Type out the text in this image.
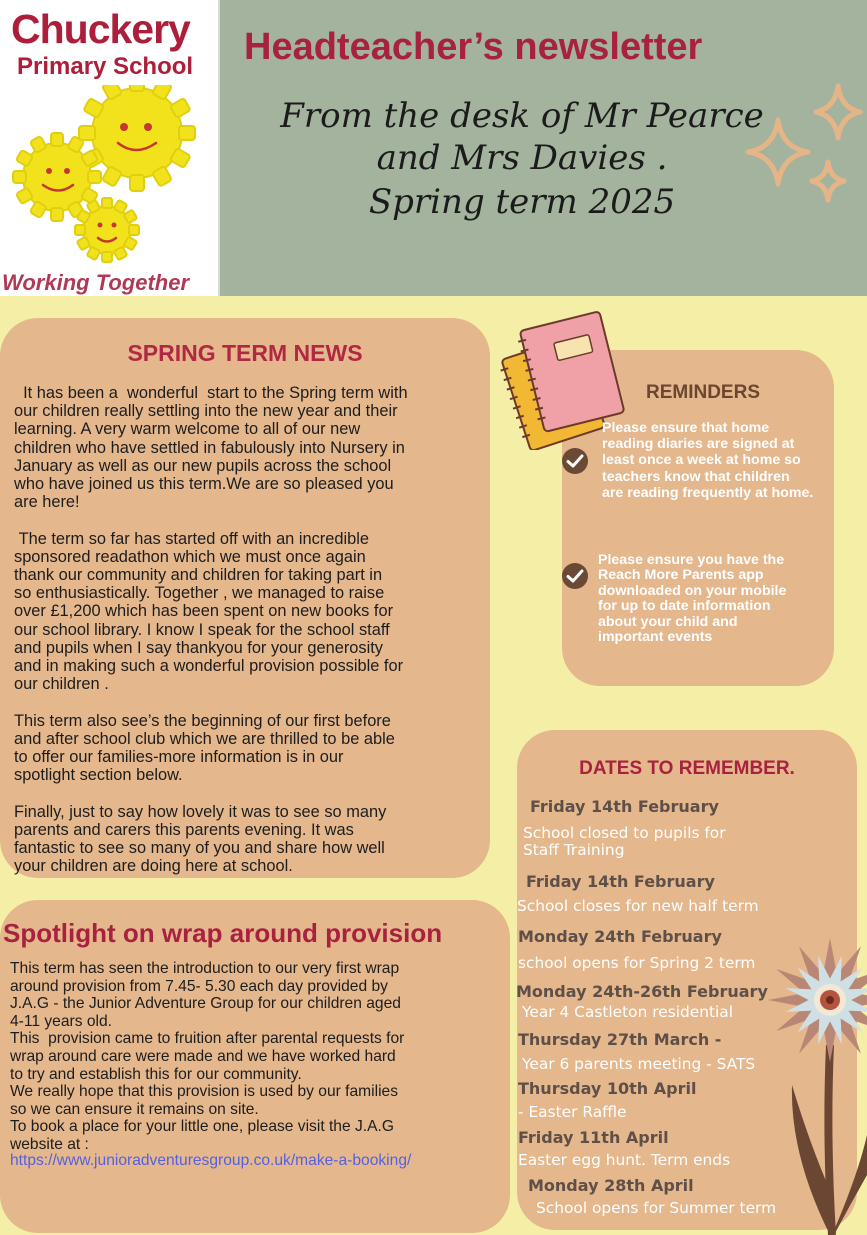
Chuckery
Primary School
Working Together
Headteacher’s newsletter
From the desk of Mr Pearce
and Mrs Davies .
Spring term 2025
SPRING TERM NEWS
It has been a  wonderful  start to the Spring term with
our children really settling into the new year and their
learning. A very warm welcome to all of our new
children who have settled in fabulously into Nursery in
January as well as our new pupils across the school
who have joined us this term.We are so pleased you
are here!

The term so far has started off with an incredible
sponsored readathon which we must once again
thank our community and children for taking part in
so enthusiastically. Together , we managed to raise
over £1,200 which has been spent on new books for
our school library. I know I speak for the school staff
and pupils when I say thankyou for your generosity
and in making such a wonderful provision possible for
our children .

This term also see’s the beginning of our first before
and after school club which we are thrilled to be able
to offer our families-more information is in our
spotlight section below.

Finally, just to say how lovely it was to see so many
parents and carers this parents evening. It was
fantastic to see so many of you and share how well
your children are doing here at school.
Spotlight on wrap around provision
This term has seen the introduction to our very first wrap
around provision from 7.45- 5.30 each day provided by
J.A.G - the Junior Adventure Group for our children aged
4-11 years old.
This  provision came to fruition after parental requests for
wrap around care were made and we have worked hard
to try and establish this for our community.
We really hope that this provision is used by our families
so we can ensure it remains on site.
To book a place for your little one, please visit the J.A.G
website at :
https://www.junioradventuresgroup.co.uk/make-a-booking/
REMINDERS
Please ensure that home reading diaries are signed at least once a week at home so teachers know that children are reading frequently at home.
Please ensure you have the Reach More Parents app downloaded on your mobile for up to date information about your child and important events
DATES TO REMEMBER.
Friday 14th February
School closed to pupils for
Staff Training
Friday 14th February
School closes for new half term
Monday 24th February
school opens for Spring 2 term
Monday 24th-26th February
Year 4 Castleton residential
Thursday 27th March -
Year 6 parents meeting - SATS
Thursday 10th April
- Easter Raffle
Friday 11th April
Easter egg hunt. Term ends
Monday 28th April
School opens for Summer term
